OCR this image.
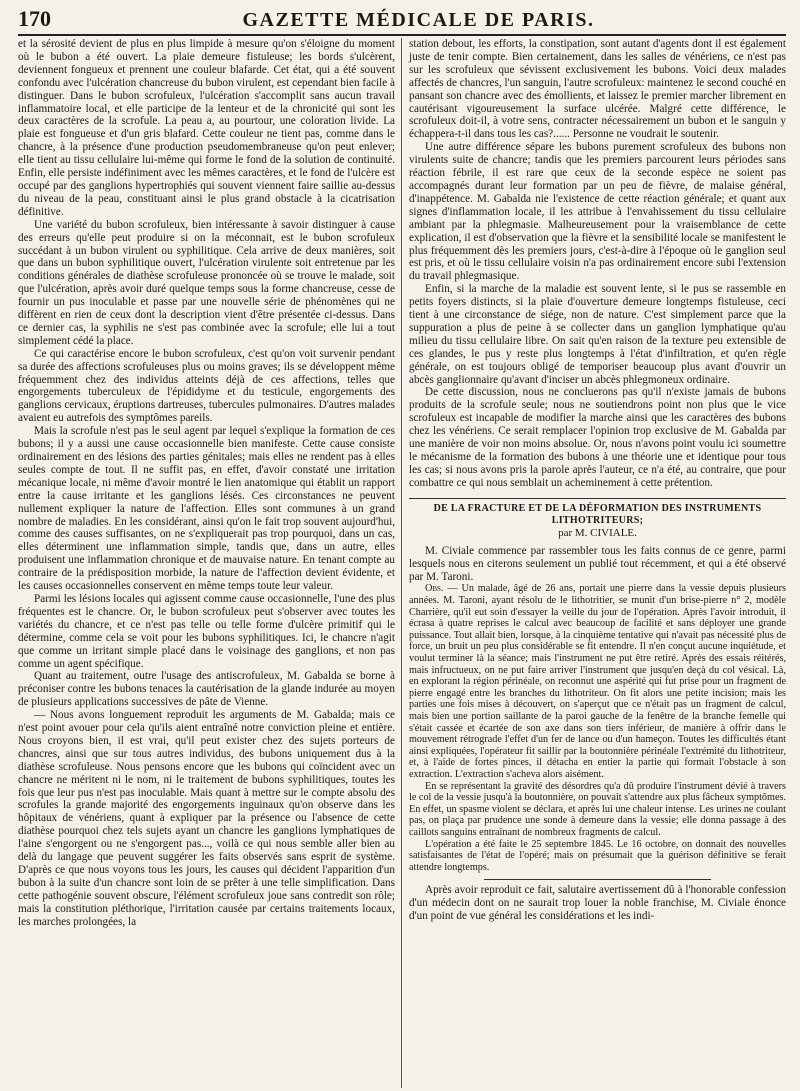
170	GAZETTE MÉDICALE DE PARIS.

et la sérosité devient de plus en plus limpide à mesure qu'on s'éloigne du moment où le bubon a été ouvert. La plaie demeure fistuleuse; les bords s'ulcèrent, deviennent fongueux et prennent une couleur blafarde. Cet état, qui a été souvent confondu avec l'ulcération chancreuse du bubon virulent, est cependant bien facile à distinguer. Dans le bubon scrofuleux, l'ulcération s'accomplit sans aucun travail inflammatoire local, et elle participe de la lenteur et de la chronicité qui sont les deux caractères de la scrofule. La peau a, au pourtour, une coloration livide. La plaie est fongueuse et d'un gris blafard. Cette couleur ne tient pas, comme dans le chancre, à la présence d'une production pseudomembraneuse qu'on peut enlever; elle tient au tissu cellulaire lui-même qui forme le fond de la solution de continuité. Enfin, elle persiste indéfiniment avec les mêmes caractères, et le fond de l'ulcère est occupé par des ganglions hypertrophiés qui souvent viennent faire saillie au-dessus du niveau de la peau, constituant ainsi le plus grand obstacle à la cicatrisation définitive.

Une variété du bubon scrofuleux, bien intéressante à savoir distinguer à cause des erreurs qu'elle peut produire si on la méconnait, est le bubon scrofuleux succédant à un bubon virulent ou syphilitique. Cela arrive de deux manières, soit que dans un bubon syphilitique ouvert, l'ulcération virulente soit entretenue par les conditions générales de diathèse scrofuleuse prononcée où se trouve le malade, soit que l'ulcération, après avoir duré quelque temps sous la forme chancreuse, cesse de fournir un pus inoculable et passe par une nouvelle série de phénomènes qui ne diffèrent en rien de ceux dont la description vient d'être présentée ci-dessus. Dans ce dernier cas, la syphilis ne s'est pas combinée avec la scrofule; elle lui a tout simplement cédé la place.

Ce qui caractérise encore le bubon scrofuleux, c'est qu'on voit survenir pendant sa durée des affections scrofuleuses plus ou moins graves; ils se développent même fréquemment chez des individus atteints déjà de ces affections, telles que engorgements tuberculeux de l'épididyme et du testicule, engorgements des ganglions cervicaux, éruptions dartreuses, tubercules pulmonaires. D'autres malades avaient eu autrefois des symptômes pareils.

Mais la scrofule n'est pas le seul agent par lequel s'explique la formation de ces bubons; il y a aussi une cause occasionnelle bien manifeste. Cette cause consiste ordinairement en des lésions des parties génitales; mais elles ne rendent pas à elles seules compte de tout. Il ne suffit pas, en effet, d'avoir constaté une irritation mécanique locale, ni même d'avoir montré le lien anatomique qui établit un rapport entre la cause irritante et les ganglions lésés. Ces circonstances ne peuvent nullement expliquer la nature de l'affection. Elles sont communes à un grand nombre de maladies. En les considérant, ainsi qu'on le fait trop souvent aujourd'hui, comme des causes suffisantes, on ne s'expliquerait pas trop pourquoi, dans un cas, elles déterminent une inflammation simple, tandis que, dans un autre, elles produisent une inflammation chronique et de mauvaise nature. En tenant compte au contraire de la prédisposition morbide, la nature de l'affection devient évidente, et les causes occasionnelles conservent en même temps toute leur valeur.

Parmi les lésions locales qui agissent comme cause occasionnelle, l'une des plus fréquentes est le chancre. Or, le bubon scrofuleux peut s'observer avec toutes les variétés du chancre, et ce n'est pas telle ou telle forme d'ulcère primitif qui le détermine, comme cela se voit pour les bubons syphilitiques. Ici, le chancre n'agit que comme un irritant simple placé dans le voisinage des ganglions, et non pas comme un agent spécifique.

Quant au traitement, outre l'usage des antiscrofuleux, M. Gabalda se borne à préconiser contre les bubons tenaces la cautérisation de la glande indurée au moyen de plusieurs applications successives de pâte de Vienne.

— Nous avons longuement reproduit les arguments de M. Gabalda; mais ce n'est point avouer pour cela qu'ils aient entraîné notre conviction pleine et entière. Nous croyons bien, il est vrai, qu'il peut exister chez des sujets porteurs de chancres, ainsi que sur tous autres individus, des bubons uniquement dus à la diathèse scrofuleuse. Nous pensons encore que les bubons qui coïncident avec un chancre ne méritent ni le nom, ni le traitement de bubons syphilitiques, toutes les fois que leur pus n'est pas inoculable. Mais quant à mettre sur le compte absolu des scrofules la grande majorité des engorgements inguinaux qu'on observe dans les hôpitaux de vénériens, quant à expliquer par la présence ou l'absence de cette diathèse pourquoi chez tels sujets ayant un chancre les ganglions lymphatiques de l'aine s'engorgent ou ne s'engorgent pas..., voilà ce qui nous semble aller bien au delà du langage que peuvent suggérer les faits observés sans esprit de système. D'après ce que nous voyons tous les jours, les causes qui décident l'apparition d'un bubon à la suite d'un chancre sont loin de se prêter à une telle simplification. Dans cette pathogénie souvent obscure, l'élément scrofuleux joue sans contredit son rôle; mais la constitution pléthorique, l'irritation causée par certains traitements locaux, les marches prolongées, la

station debout, les efforts, la constipation, sont autant d'agents dont il est également juste de tenir compte. Bien certainement, dans les salles de vénériens, ce n'est pas sur les scrofuleux que sévissent exclusivement les bubons. Voici deux malades affectés de chancres, l'un sanguin, l'autre scrofuleux: maintenez le second couché en pansant son chancre avec des émollients, et laissez le premier marcher librement en cautérisant vigoureusement la surface ulcérée. Malgré cette différence, le scrofuleux doit-il, à votre sens, contracter nécessairement un bubon et le sanguin y échappera-t-il dans tous les cas?...... Personne ne voudrait le soutenir.

Une autre différence sépare les bubons purement scrofuleux des bubons non virulents suite de chancre; tandis que les premiers parcourent leurs périodes sans réaction fébrile, il est rare que ceux de la seconde espèce ne soient pas accompagnés durant leur formation par un peu de fièvre, de malaise général, d'inappétence. M. Gabalda nie l'existence de cette réaction générale; et quant aux signes d'inflammation locale, il les attribue à l'envahissement du tissu cellulaire ambiant par la phlegmasie. Malheureusement pour la vraisemblance de cette explication, il est d'observation que la fièvre et la sensibilité locale se manifestent le plus fréquemment dès les premiers jours, c'est-à-dire à l'époque où le ganglion seul est pris, et où le tissu cellulaire voisin n'a pas ordinairement encore subi l'extension du travail phlegmasique.

Enfin, si la marche de la maladie est souvent lente, si le pus se rassemble en petits foyers distincts, si la plaie d'ouverture demeure longtemps fistuleuse, ceci tient à une circonstance de siége, non de nature. C'est simplement parce que la suppuration a plus de peine à se collecter dans un ganglion lymphatique qu'au milieu du tissu cellulaire libre. On sait qu'en raison de la texture peu extensible de ces glandes, le pus y reste plus longtemps à l'état d'infiltration, et qu'en règle générale, on est toujours obligé de temporiser beaucoup plus avant d'ouvrir un abcès ganglionnaire qu'avant d'inciser un abcès phlegmoneux ordinaire.

De cette discussion, nous ne concluerons pas qu'il n'existe jamais de bubons produits de la scrofule seule; nous ne soutiendrons point non plus que le vice scrofuleux est incapable de modifier la marche ainsi que les caractères des bubons chez les vénériens. Ce serait remplacer l'opinion trop exclusive de M. Gabalda par une manière de voir non moins absolue. Or, nous n'avons point voulu ici soumettre le mécanisme de la formation des bubons à une théorie une et identique pour tous les cas; si nous avons pris la parole après l'auteur, ce n'a été, au contraire, que pour combattre ce qui nous semblait un acheminement à cette prétention.

DE LA FRACTURE ET DE LA DÉFORMATION DES INSTRUMENTS LITHOTRITEURS;
par M. CIVIALE.

M. Civiale commence par rassembler tous les faits connus de ce genre, parmi lesquels nous en citerons seulement un publié tout récemment, et qui a été observé par M. Taroni.

Obs. — Un malade, âgé de 26 ans, portait une pierre dans la vessie depuis plusieurs années. M. Taroni, ayant résolu de le lithotritier, se munit d'un brise-pierre n° 2, modèle Charrière, qu'il eut soin d'essayer la veille du jour de l'opération. Après l'avoir introduit, il écrasa à quatre reprises le calcul avec beaucoup de facilité et sans déployer une grande puissance. Tout allait bien, lorsque, à la cinquième tentative qui n'avait pas nécessité plus de force, un bruit un peu plus considérable se fit entendre. Il n'en conçut aucune inquiétude, et voulut terminer là la séance; mais l'instrument ne put être retiré. Après des essais réitérés, mais infructueux, on ne put faire arriver l'instrument que jusqu'en deçà du col vésical. Là, en explorant la région périnéale, on reconnut une aspérité qui fut prise pour un fragment de pierre engagé entre les branches du lithotriteur. On fit alors une petite incision; mais les parties une fois mises à découvert, on s'aperçut que ce n'était pas un fragment de calcul, mais bien une portion saillante de la paroi gauche de la fenêtre de la branche femelle qui s'était cassée et écartée de son axe dans son tiers inférieur, de manière à offrir dans le mouvement rétrograde l'effet d'un fer de lance ou d'un hameçon. Toutes les difficultés étant ainsi expliquées, l'opérateur fit saillir par la boutonnière périnéale l'extrémité du lithotriteur, et, à l'aide de fortes pinces, il détacha en entier la partie qui formait l'obstacle à son extraction. L'extraction s'acheva alors aisément.

En se représentant la gravité des désordres qu'a dû produire l'instrument dévié à travers le col de la vessie jusqu'à la boutonnière, on pouvait s'attendre aux plus fâcheux symptômes. En effet, un spasme violent se déclara, et après lui une chaleur intense. Les urines ne coulant pas, on plaça par prudence une sonde à demeure dans la vessie; elle donna passage à des caillots sanguins entraînant de nombreux fragments de calcul.

L'opération a été faite le 25 septembre 1845. Le 16 octobre, on donnait des nouvelles satisfaisantes de l'état de l'opéré; mais on présumait que la guérison définitive se ferait attendre longtemps.

Après avoir reproduit ce fait, salutaire avertissement dû à l'honorable confession d'un médecin dont on ne saurait trop louer la noble franchise, M. Civiale énonce d'un point de vue général les considérations et les indi-
